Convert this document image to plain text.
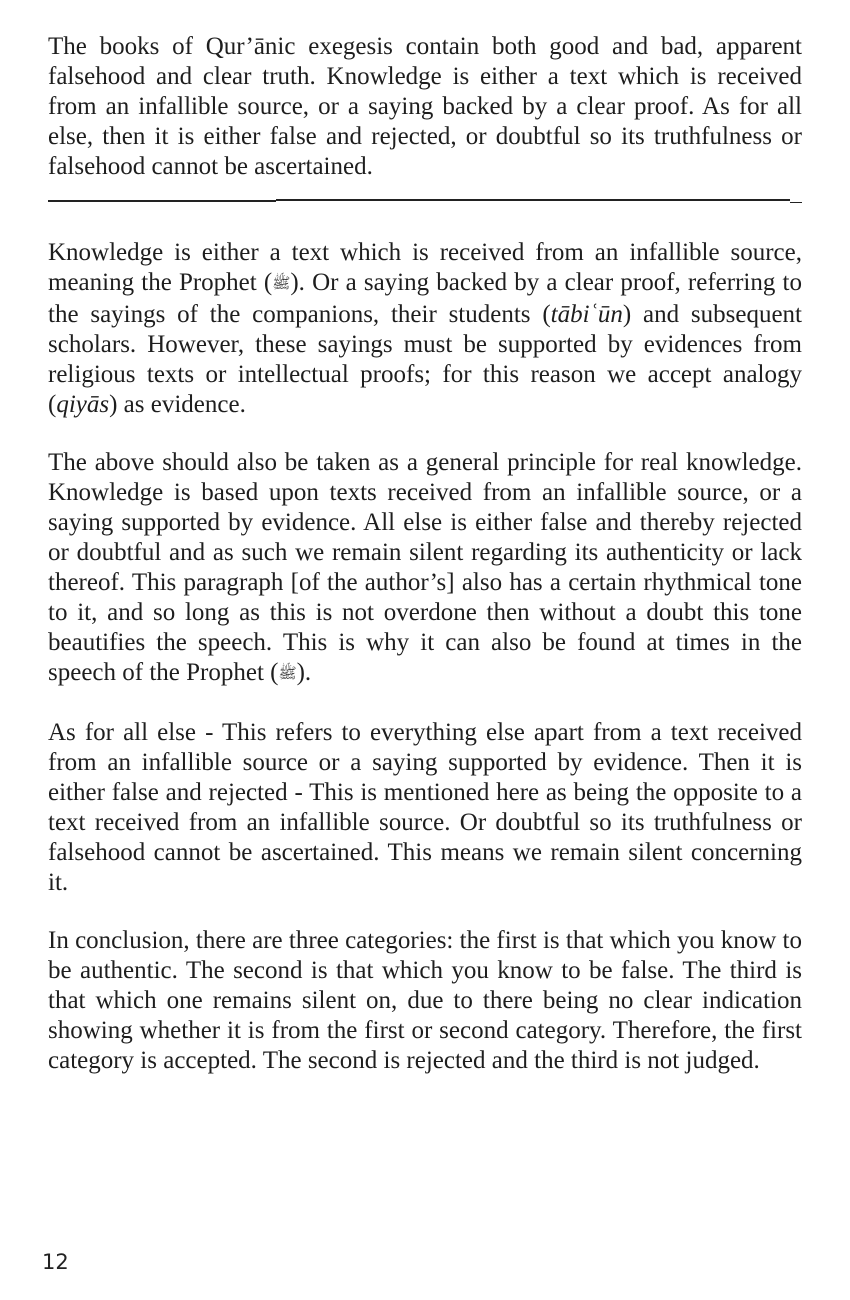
The books of Qur’ānic exegesis contain both good and bad, apparent falsehood and clear truth. Knowledge is either a text which is received from an infallible source, or a saying backed by a clear proof. As for all else, then it is either false and rejected, or doubtful so its truthfulness or falsehood cannot be ascertained.

Knowledge is either a text which is received from an infallible source, meaning the Prophet (ﷺ). Or a saying backed by a clear proof, referring to the sayings of the companions, their students (tābiʿūn) and subsequent scholars. However, these sayings must be supported by evidences from religious texts or intellectual proofs; for this reason we accept analogy (qiyās) as evidence.

The above should also be taken as a general principle for real knowledge. Knowledge is based upon texts received from an infallible source, or a saying supported by evidence. All else is either false and thereby rejected or doubtful and as such we remain silent regarding its authenticity or lack thereof. This paragraph [of the author’s] also has a certain rhythmical tone to it, and so long as this is not overdone then without a doubt this tone beautifies the speech. This is why it can also be found at times in the speech of the Prophet (ﷺ).

As for all else - This refers to everything else apart from a text received from an infallible source or a saying supported by evidence. Then it is either false and rejected - This is mentioned here as being the opposite to a text received from an infallible source. Or doubtful so its truthfulness or falsehood cannot be ascertained. This means we remain silent concerning it.

In conclusion, there are three categories: the first is that which you know to be authentic. The second is that which you know to be false. The third is that which one remains silent on, due to there being no clear indication showing whether it is from the first or second category. Therefore, the first category is accepted. The second is rejected and the third is not judged.

12
